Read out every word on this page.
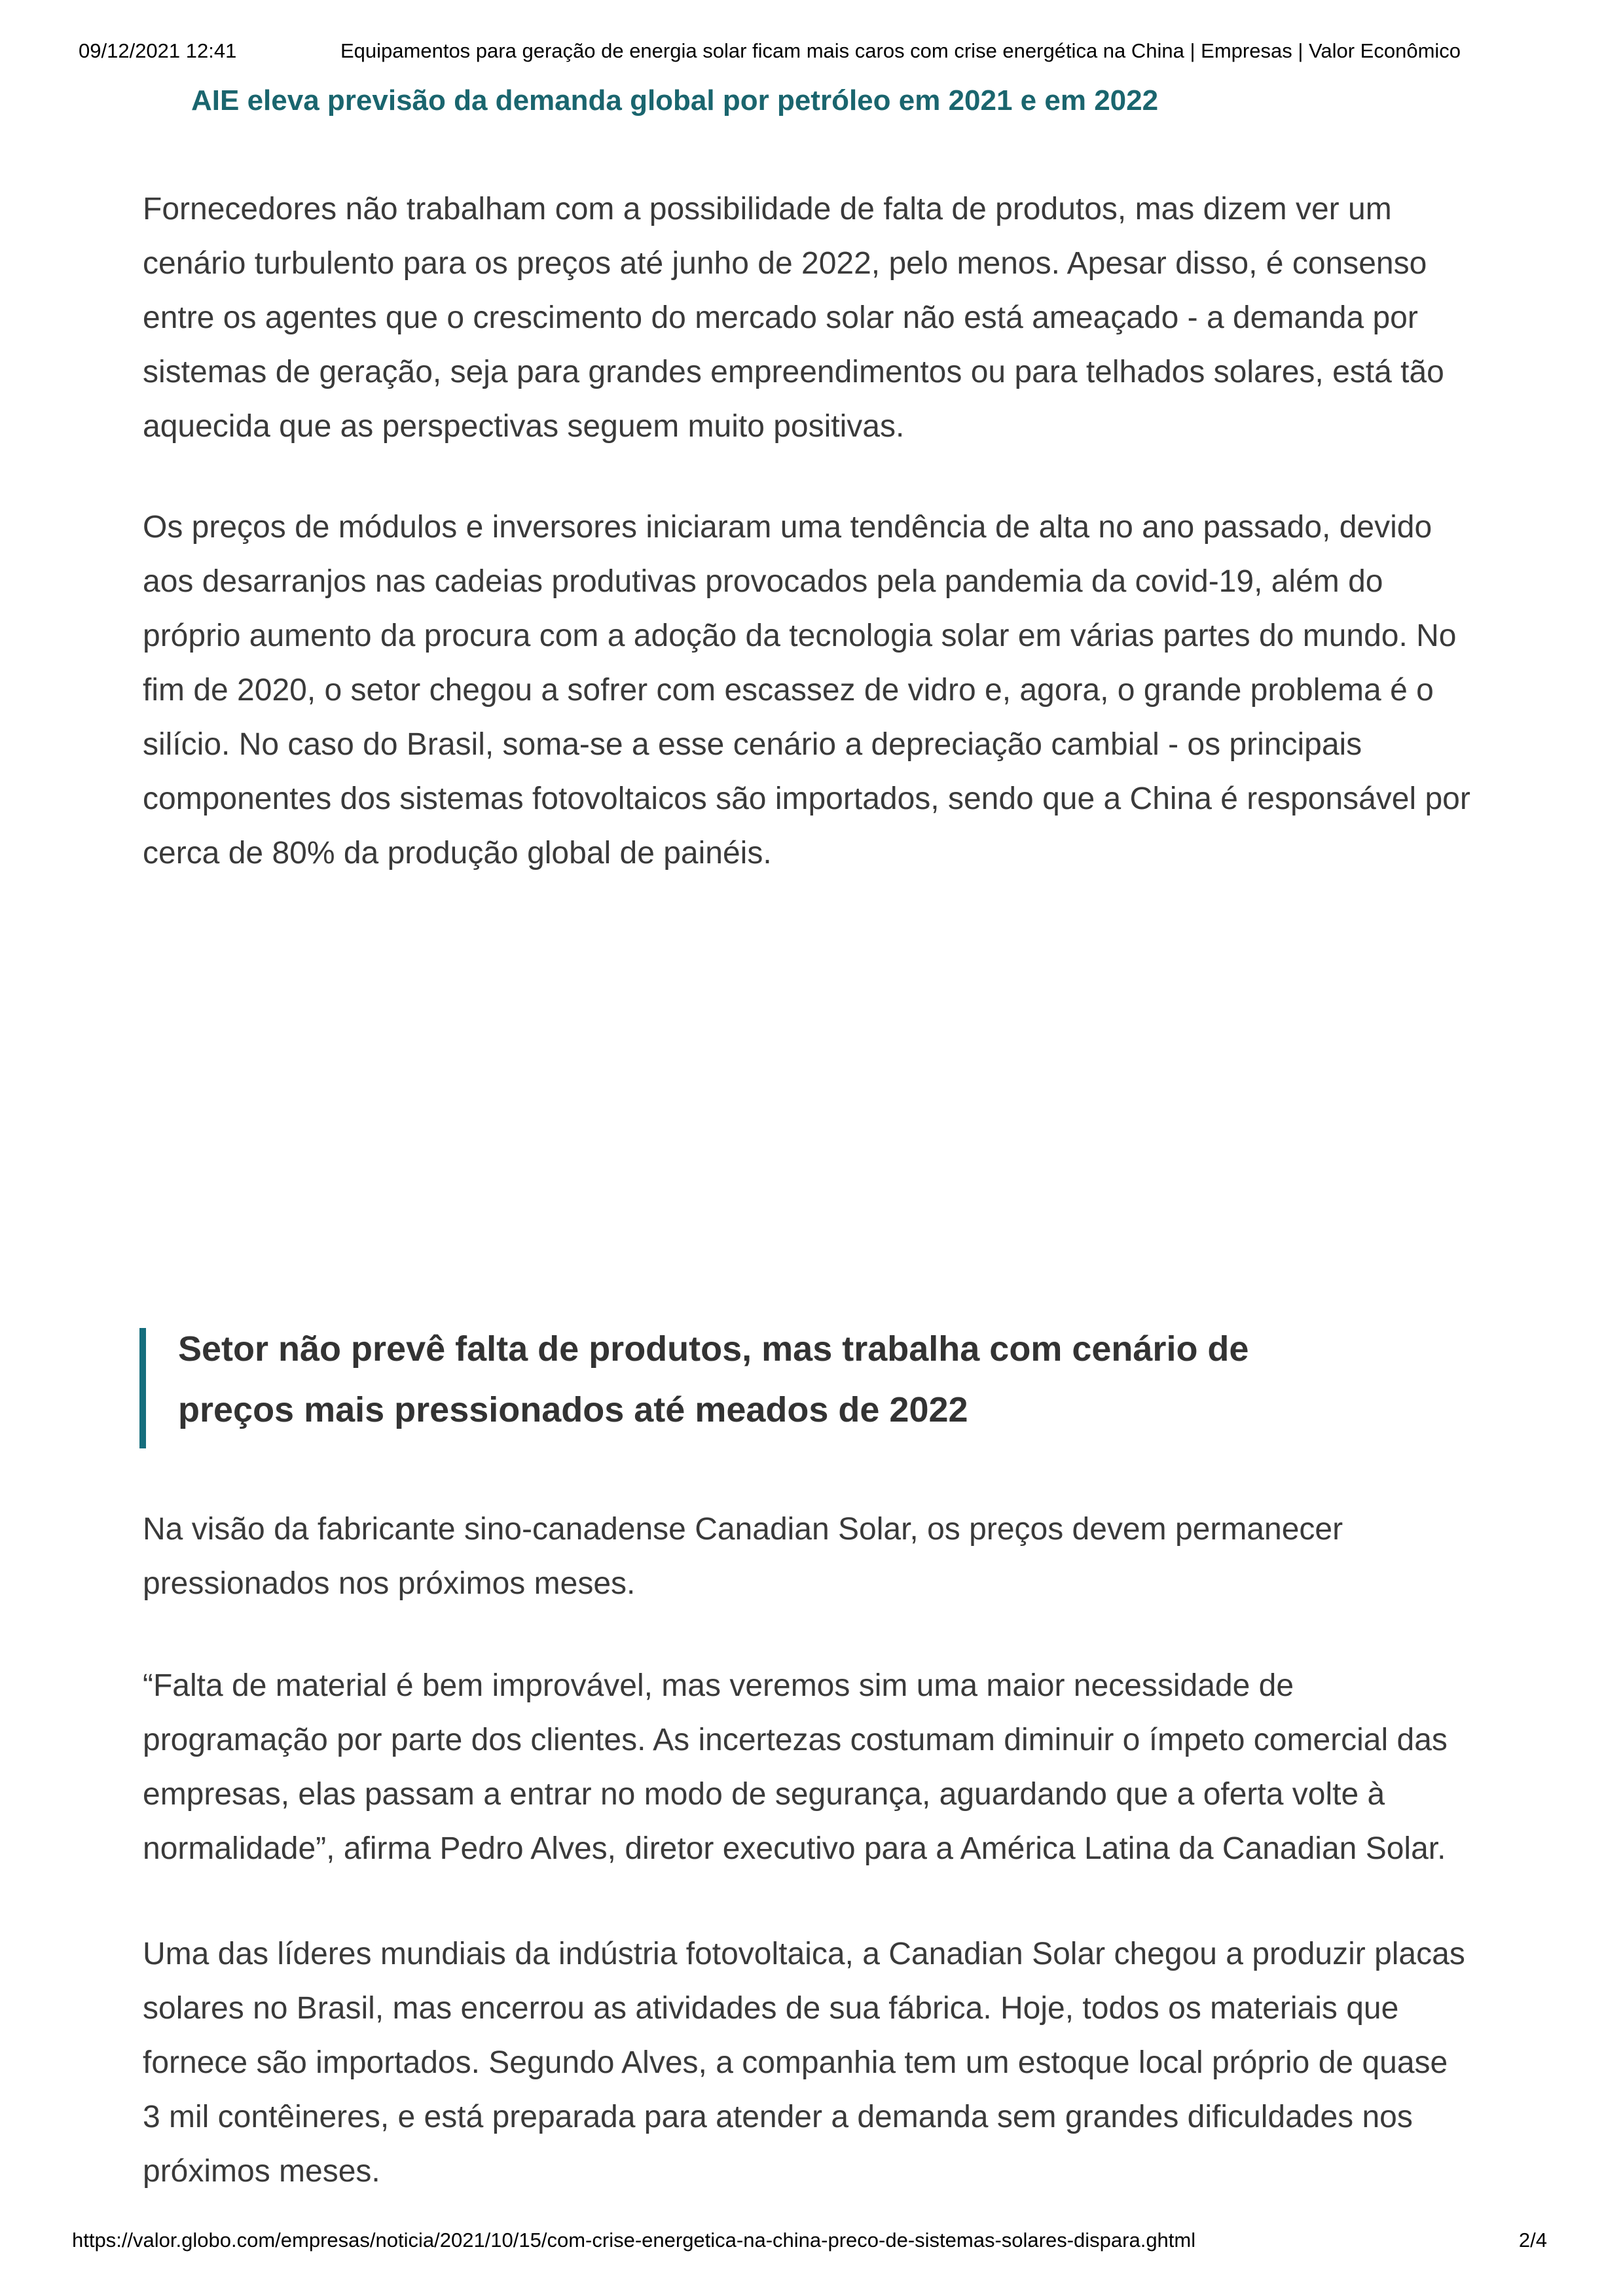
09/12/2021 12:41	Equipamentos para geração de energia solar ficam mais caros com crise energética na China | Empresas | Valor Econômico
AIE eleva previsão da demanda global por petróleo em 2021 e em 2022
Fornecedores não trabalham com a possibilidade de falta de produtos, mas dizem ver um
cenário turbulento para os preços até junho de 2022, pelo menos. Apesar disso, é consenso
entre os agentes que o crescimento do mercado solar não está ameaçado - a demanda por
sistemas de geração, seja para grandes empreendimentos ou para telhados solares, está tão
aquecida que as perspectivas seguem muito positivas.
Os preços de módulos e inversores iniciaram uma tendência de alta no ano passado, devido
aos desarranjos nas cadeias produtivas provocados pela pandemia da covid-19, além do
próprio aumento da procura com a adoção da tecnologia solar em várias partes do mundo. No
fim de 2020, o setor chegou a sofrer com escassez de vidro e, agora, o grande problema é o
silício. No caso do Brasil, soma-se a esse cenário a depreciação cambial - os principais
componentes dos sistemas fotovoltaicos são importados, sendo que a China é responsável por
cerca de 80% da produção global de painéis.
Setor não prevê falta de produtos, mas trabalha com cenário de
preços mais pressionados até meados de 2022
Na visão da fabricante sino-canadense Canadian Solar, os preços devem permanecer
pressionados nos próximos meses.
“Falta de material é bem improvável, mas veremos sim uma maior necessidade de
programação por parte dos clientes. As incertezas costumam diminuir o ímpeto comercial das
empresas, elas passam a entrar no modo de segurança, aguardando que a oferta volte à
normalidade”, afirma Pedro Alves, diretor executivo para a América Latina da Canadian Solar.
Uma das líderes mundiais da indústria fotovoltaica, a Canadian Solar chegou a produzir placas
solares no Brasil, mas encerrou as atividades de sua fábrica. Hoje, todos os materiais que
fornece são importados. Segundo Alves, a companhia tem um estoque local próprio de quase
3 mil contêineres, e está preparada para atender a demanda sem grandes dificuldades nos
próximos meses.
https://valor.globo.com/empresas/noticia/2021/10/15/com-crise-energetica-na-china-preco-de-sistemas-solares-dispara.ghtml	2/4
